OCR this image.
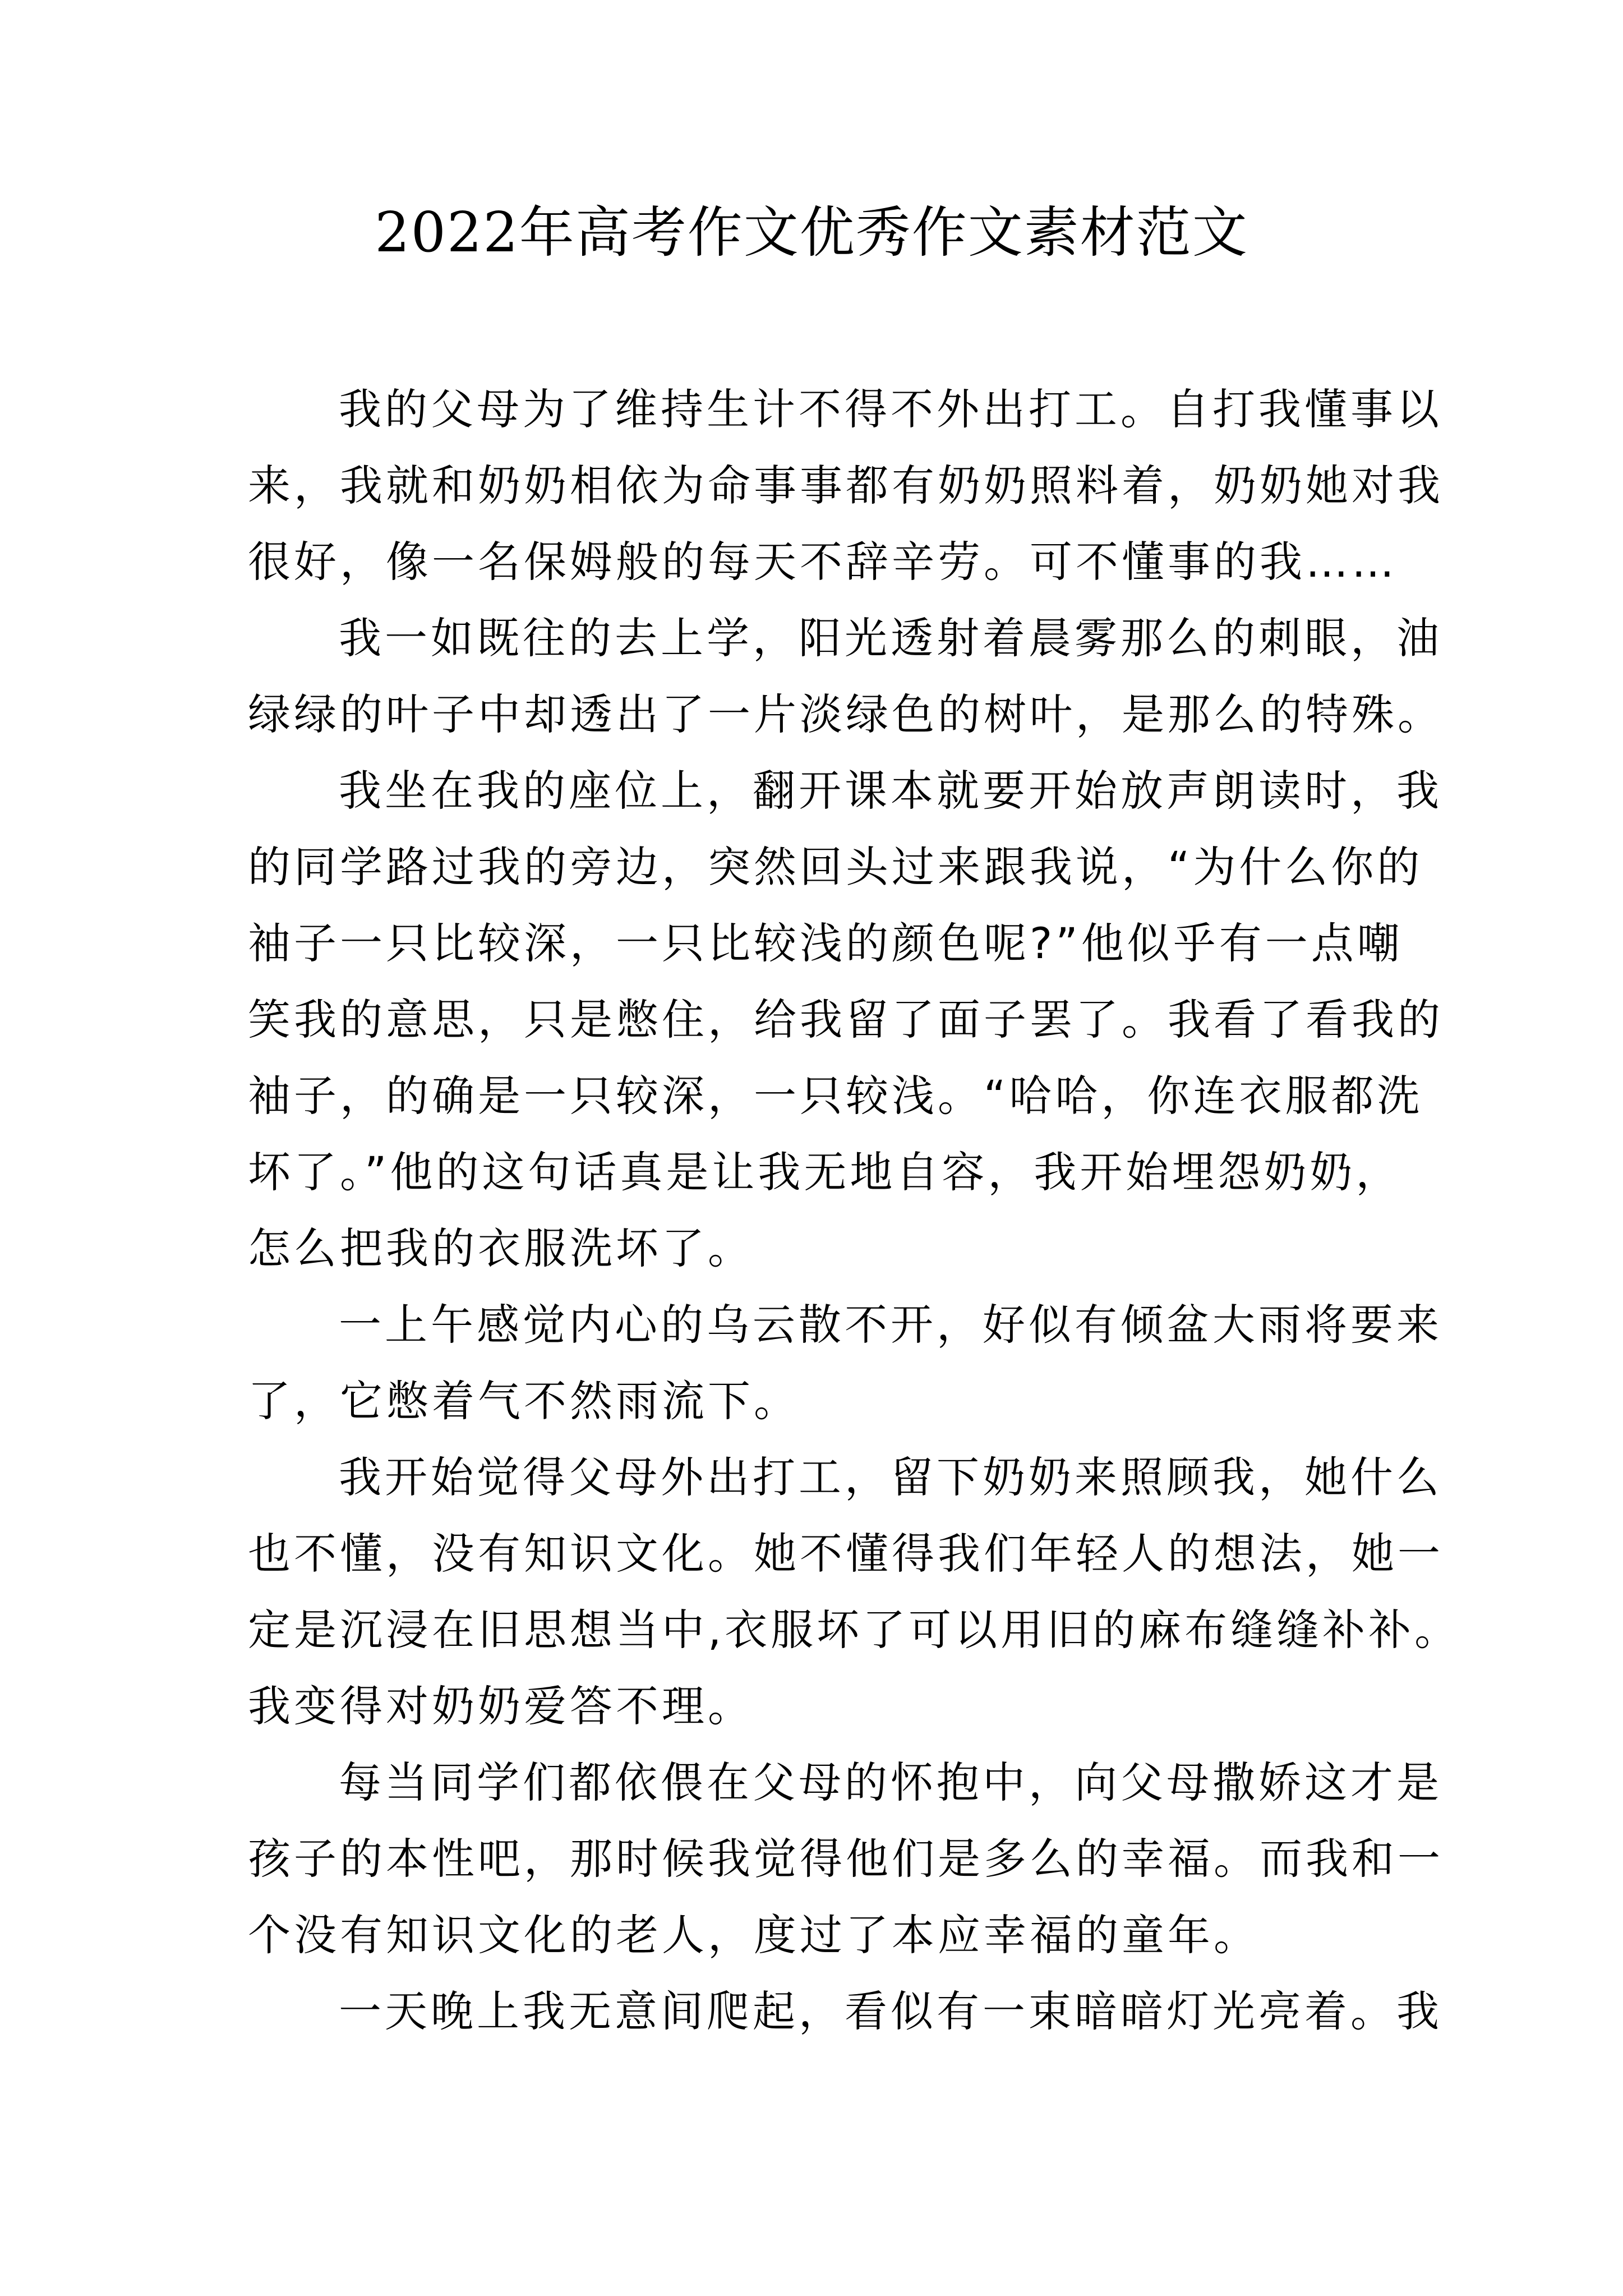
2022年高考作文优秀作文素材范文

我的父母为了维持生计不得不外出打工。自打我懂事以
来，我就和奶奶相依为命事事都有奶奶照料着，奶奶她对我
很好，像一名保姆般的每天不辞辛劳。可不懂事的我……

我一如既往的去上学，阳光透射着晨雾那么的刺眼，油
绿绿的叶子中却透出了一片淡绿色的树叶，是那么的特殊。

我坐在我的座位上，翻开课本就要开始放声朗读时，我
的同学路过我的旁边，突然回头过来跟我说，“为什么你的
袖子一只比较深，一只比较浅的颜色呢?”他似乎有一点嘲
笑我的意思，只是憋住，给我留了面子罢了。我看了看我的
袖子，的确是一只较深，一只较浅。“哈哈，你连衣服都洗
坏了。”他的这句话真是让我无地自容，我开始埋怨奶奶，
怎么把我的衣服洗坏了。

一上午感觉内心的乌云散不开，好似有倾盆大雨将要来
了，它憋着气不然雨流下。

我开始觉得父母外出打工，留下奶奶来照顾我，她什么
也不懂，没有知识文化。她不懂得我们年轻人的想法，她一
定是沉浸在旧思想当中,衣服坏了可以用旧的麻布缝缝补补。
我变得对奶奶爱答不理。

每当同学们都依偎在父母的怀抱中，向父母撒娇这才是
孩子的本性吧，那时候我觉得他们是多么的幸福。而我和一
个没有知识文化的老人，度过了本应幸福的童年。

一天晚上我无意间爬起，看似有一束暗暗灯光亮着。我
